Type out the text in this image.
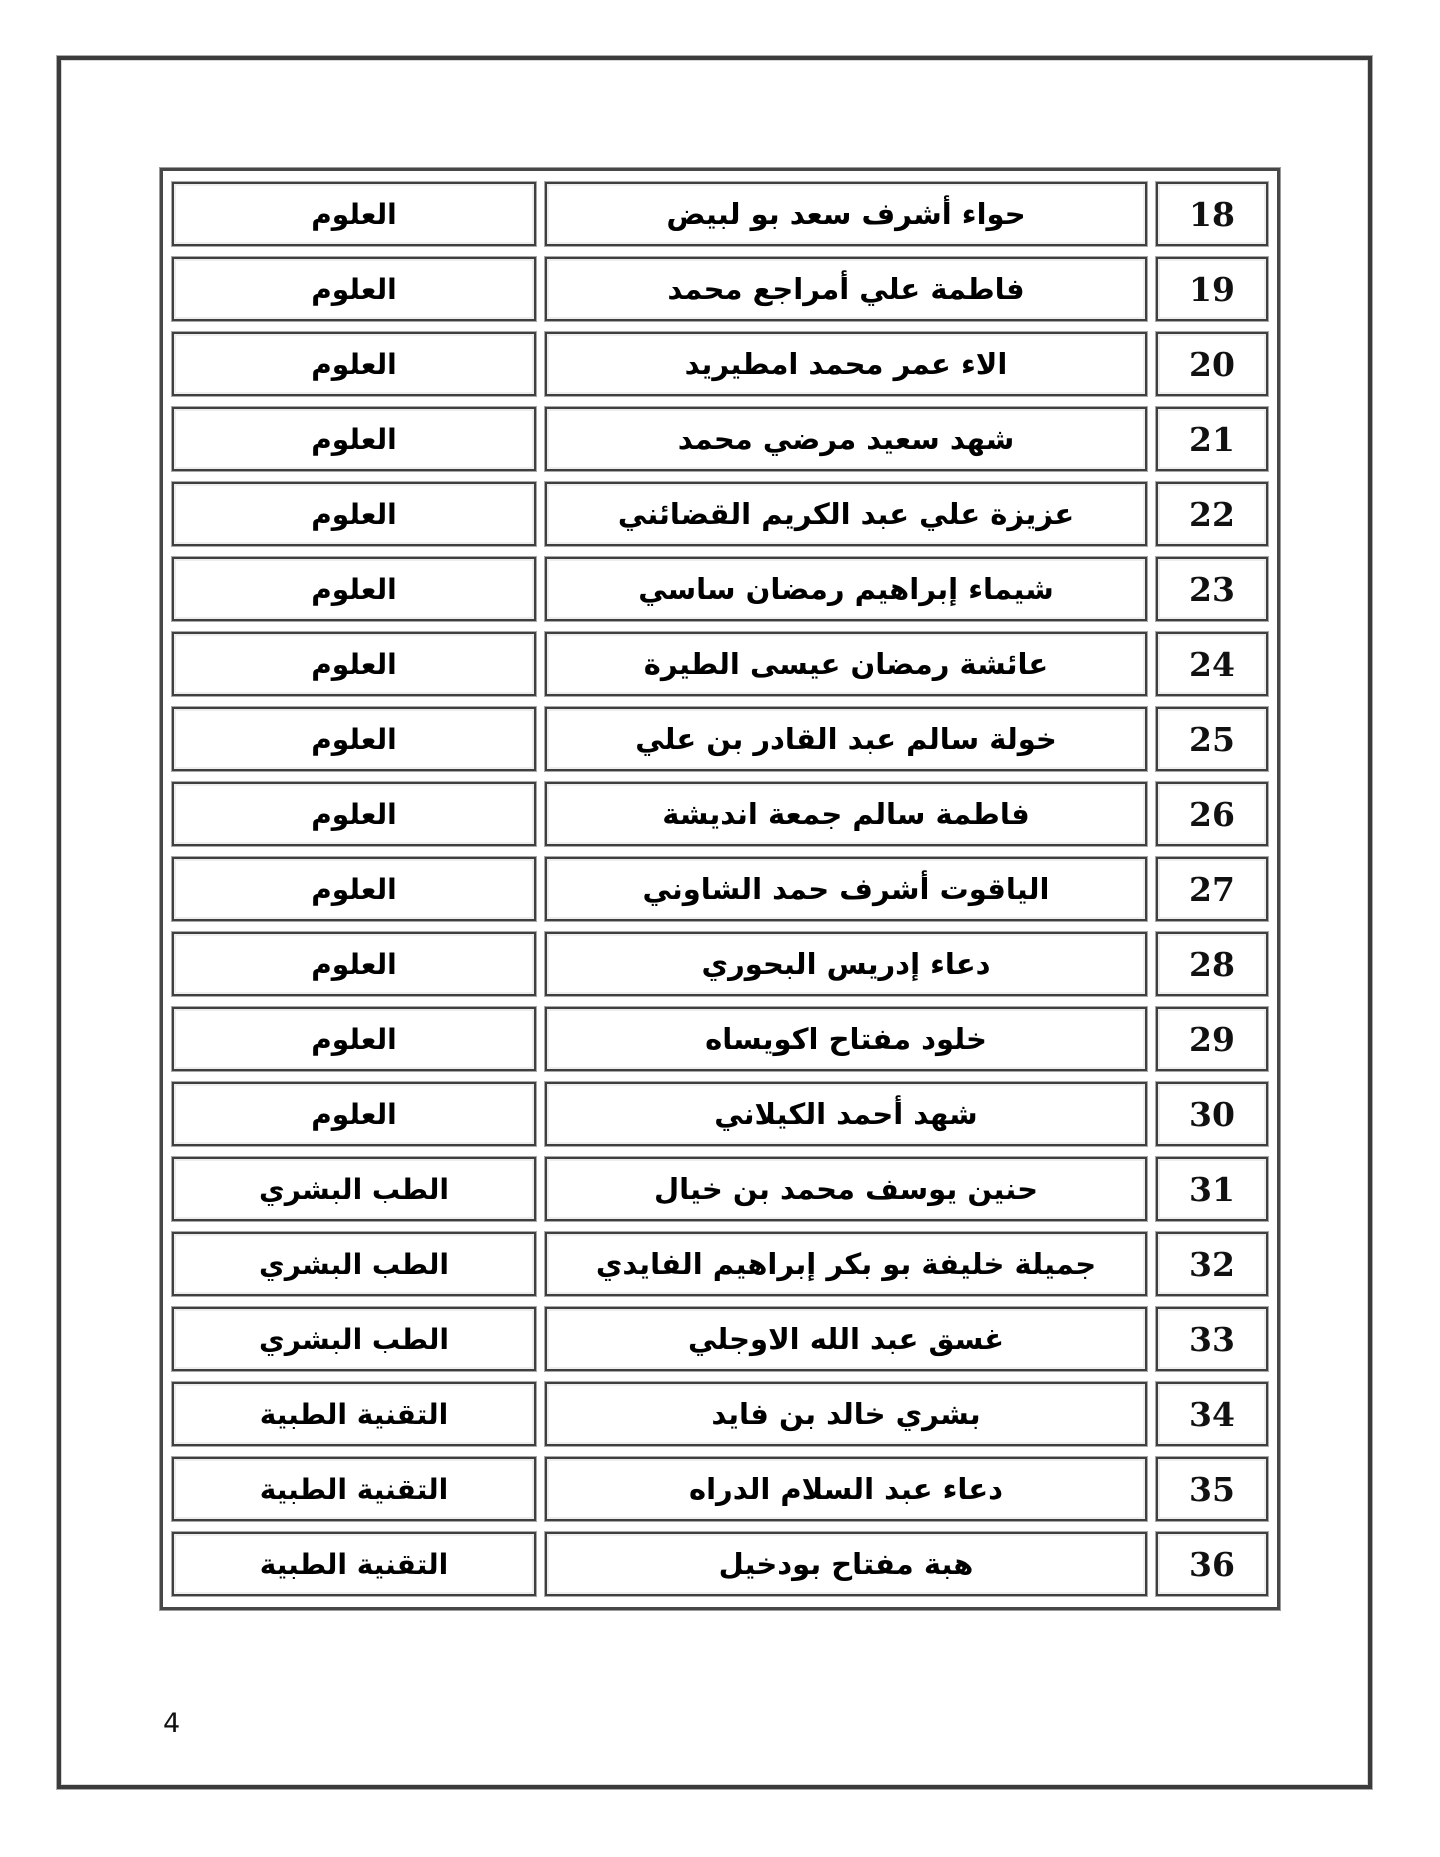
18	حواء أشرف سعد بو لبيض	العلوم
19	فاطمة علي أمراجع محمد	العلوم
20	الاء عمر محمد امطيريد	العلوم
21	شهد سعيد مرضي محمد	العلوم
22	عزيزة علي عبد الكريم القضائني	العلوم
23	شيماء إبراهيم رمضان ساسي	العلوم
24	عائشة رمضان عيسى الطيرة	العلوم
25	خولة سالم عبد القادر بن علي	العلوم
26	فاطمة سالم جمعة انديشة	العلوم
27	الياقوت أشرف حمد الشاوني	العلوم
28	دعاء إدريس البحوري	العلوم
29	خلود مفتاح اكويساه	العلوم
30	شهد أحمد الكيلاني	العلوم
31	حنين يوسف محمد بن خيال	الطب البشري
32	جميلة خليفة بو بكر إبراهيم الفايدي	الطب البشري
33	غسق عبد الله الاوجلي	الطب البشري
34	بشري خالد بن فايد	التقنية الطبية
35	دعاء عبد السلام الدراه	التقنية الطبية
36	هبة مفتاح بودخيل	التقنية الطبية
4
